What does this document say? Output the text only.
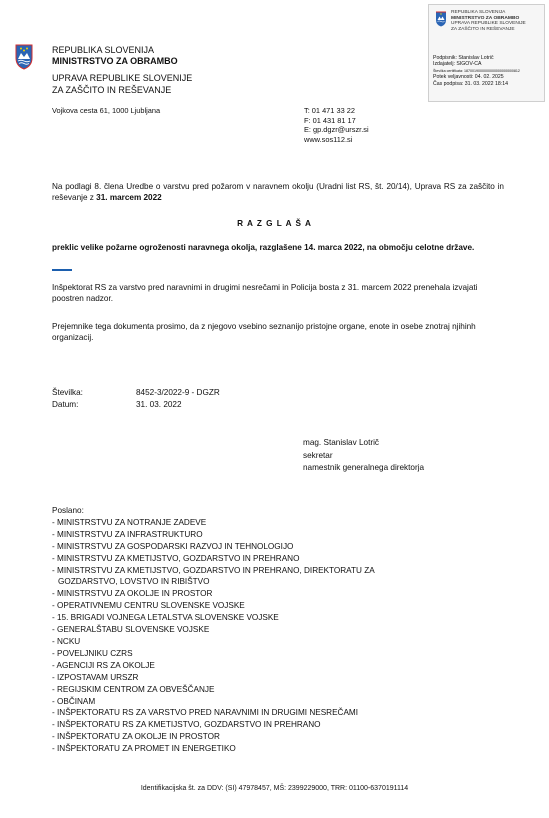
REPUBLIKA SLOVENIJA
MINISTRSTVO ZA OBRAMBO
UPRAVA REPUBLIKE SLOVENIJE
ZA ZAŠČITO IN REŠEVANJE
Podpisnik: Stanislav Lotrič
Izdajatelj: SIGOV-CA
Številka certifikata: 1870019000000000000000000812
Potek veljavnosti: 04. 02. 2025
Čas podpisa: 31. 03. 2022 18:14
REPUBLIKA SLOVENIJA
MINISTRSTVO ZA OBRAMBO
UPRAVA REPUBLIKE SLOVENIJE
ZA ZAŠČITO IN REŠEVANJE
Vojkova cesta 61, 1000 Ljubljana	T: 01 471 33 22
F: 01 431 81 17
E: gp.dgzr@urszr.si
www.sos112.si
Na podlagi 8. člena Uredbe o varstvu pred požarom v naravnem okolju (Uradni list RS, št. 20/14), Uprava RS za zaščito in reševanje z 31. marcem 2022
R A Z G L A Š A
preklic velike požarne ogroženosti naravnega okolja, razglašene 14. marca 2022, na območju celotne države.
Inšpektorat RS za varstvo pred naravnimi in drugimi nesrečami in Policija bosta z 31. marcem 2022 prenehala izvajati poostren nadzor.
Prejemnike tega dokumenta prosimo, da z njegovo vsebino seznanijo pristojne organe, enote in osebe znotraj njihinh organizacij.
Številka:	8452-3/2022-9 - DGZR
Datum:	31. 03. 2022
mag. Stanislav Lotrič
sekretar
namestnik generalnega direktorja
Poslano:
- MINISTRSTVU ZA NOTRANJE ZADEVE
- MINISTRSTVU ZA INFRASTRUKTURO
- MINISTRSTVU ZA GOSPODARSKI RAZVOJ IN TEHNOLOGIJO
- MINISTRSTVU ZA KMETIJSTVO, GOZDARSTVO IN PREHRANO
- MINISTRSTVU ZA KMETIJSTVO, GOZDARSTVO IN PREHRANO, DIREKTORATU ZA
GOZDARSTVO, LOVSTVO IN RIBIŠTVO
- MINISTRSTVU ZA OKOLJE IN PROSTOR
- OPERATIVNEMU CENTRU SLOVENSKE VOJSKE
- 15. BRIGADI VOJNEGA LETALSTVA SLOVENSKE VOJSKE
- GENERALŠTABU SLOVENSKE VOJSKE
- NCKU
- POVELJNIKU CZRS
- AGENCIJI RS ZA OKOLJE
- IZPOSTAVAM URSZR
- REGIJSKIM CENTROM ZA OBVEŠČANJE
- OBČINAM
- INŠPEKTORATU RS ZA VARSTVO PRED NARAVNIMI IN DRUGIMI NESREČAMI
- INŠPEKTORATU RS ZA KMETIJSTVO, GOZDARSTVO IN PREHRANO
- INŠPEKTORATU ZA OKOLJE IN PROSTOR
- INŠPEKTORATU ZA PROMET IN ENERGETIKO
Identifikacijska št. za DDV: (SI) 47978457, MŠ: 2399229000, TRR: 01100-6370191114
